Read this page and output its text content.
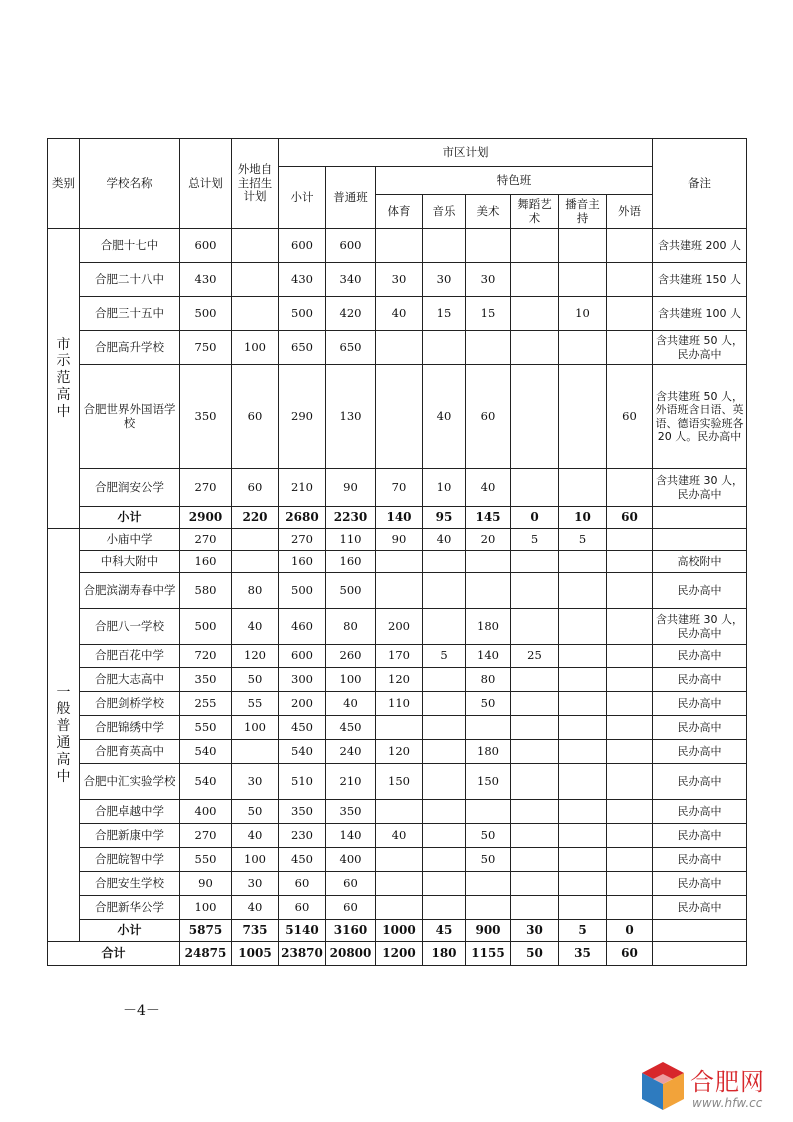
类别	学校名称	总计划	外地自主招生计划	市区计划								备注
				小计	普通班	特色班						
						体育	音乐	美术	舞蹈艺术	播音主持	外语	

市示范高中	合肥十七中	600		600	600							含共建班 200 人
	合肥二十八中	430		430	340	30	30	30				含共建班 150 人
	合肥三十五中	500		500	420	40	15	15		10		含共建班 100 人
	合肥高升学校	750	100	650	650							含共建班 50 人，民办高中
	合肥世界外国语学校	350	60	290	130		40	60			60	含共建班 50 人，外语班含日语、英语、德语实验班各 20 人。民办高中
	合肥润安公学	270	60	210	90	70	10	40				含共建班 30 人，民办高中
	小计	2900	220	2680	2230	140	95	145	0	10	60	

一般普通高中	小庙中学	270		270	110	90	40	20	5	5		
	中科大附中	160		160	160							高校附中
	合肥滨湖寿春中学	580	80	500	500							民办高中
	合肥八一学校	500	40	460	80	200		180				含共建班 30 人，民办高中
	合肥百花中学	720	120	600	260	170	5	140	25			民办高中
	合肥大志高中	350	50	300	100	120		80				民办高中
	合肥剑桥学校	255	55	200	40	110		50				民办高中
	合肥锦绣中学	550	100	450	450							民办高中
	合肥育英高中	540		540	240	120		180				民办高中
	合肥中汇实验学校	540	30	510	210	150		150				民办高中
	合肥卓越中学	400	50	350	350							民办高中
	合肥新康中学	270	40	230	140	40		50				民办高中
	合肥皖智中学	550	100	450	400			50				民办高中
	合肥安生学校	90	30	60	60							民办高中
	合肥新华公学	100	40	60	60							民办高中
	小计	5875	735	5140	3160	1000	45	900	30	5	0	
合计		24875	1005	23870	20800	1200	180	1155	50	35	60	
－4－
合肥网
www.hfw.cc
